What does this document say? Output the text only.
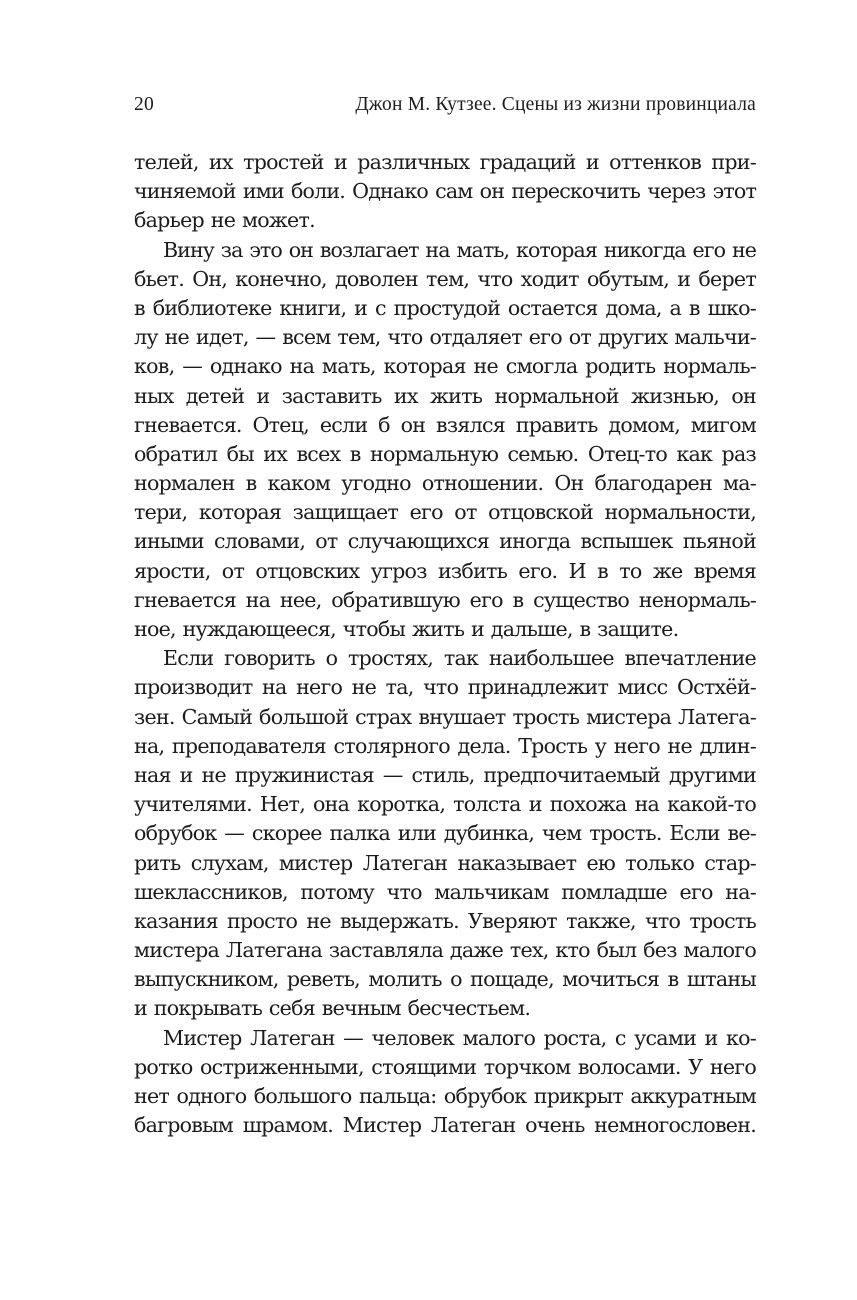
20	Джон М. Кутзее. Сцены из жизни провинциала
телей, их тростей и различных градаций и оттенков при-
чиняемой ими боли. Однако сам он перескочить через этот
барьер не может.
Вину за это он возлагает на мать, которая никогда его не
бьет. Он, конечно, доволен тем, что ходит обутым, и берет
в библиотеке книги, и с простудой остается дома, а в шко-
лу не идет, — всем тем, что отдаляет его от других мальчи-
ков, — однако на мать, которая не смогла родить нормаль-
ных детей и заставить их жить нормальной жизнью, он
гневается. Отец, если б он взялся править домом, мигом
обратил бы их всех в нормальную семью. Отец-то как раз
нормален в каком угодно отношении. Он благодарен ма-
тери, которая защищает его от отцовской нормальности,
иными словами, от случающихся иногда вспышек пьяной
ярости, от отцовских угроз избить его. И в то же время
гневается на нее, обратившую его в существо ненормаль-
ное, нуждающееся, чтобы жить и дальше, в защите.
Если говорить о тростях, так наибольшее впечатление
производит на него не та, что принадлежит мисс Остхёй-
зен. Самый большой страх внушает трость мистера Латега-
на, преподавателя столярного дела. Трость у него не длин-
ная и не пружинистая — стиль, предпочитаемый другими
учителями. Нет, она коротка, толста и похожа на какой-то
обрубок — скорее палка или дубинка, чем трость. Если ве-
рить слухам, мистер Латеган наказывает ею только стар-
шеклассников, потому что мальчикам помладше его на-
казания просто не выдержать. Уверяют также, что трость
мистера Латегана заставляла даже тех, кто был без малого
выпускником, реветь, молить о пощаде, мочиться в штаны
и покрывать себя вечным бесчестьем.
Мистер Латеган — человек малого роста, с усами и ко-
ротко остриженными, стоящими торчком волосами. У него
нет одного большого пальца: обрубок прикрыт аккуратным
багровым шрамом. Мистер Латеган очень немногословен.
